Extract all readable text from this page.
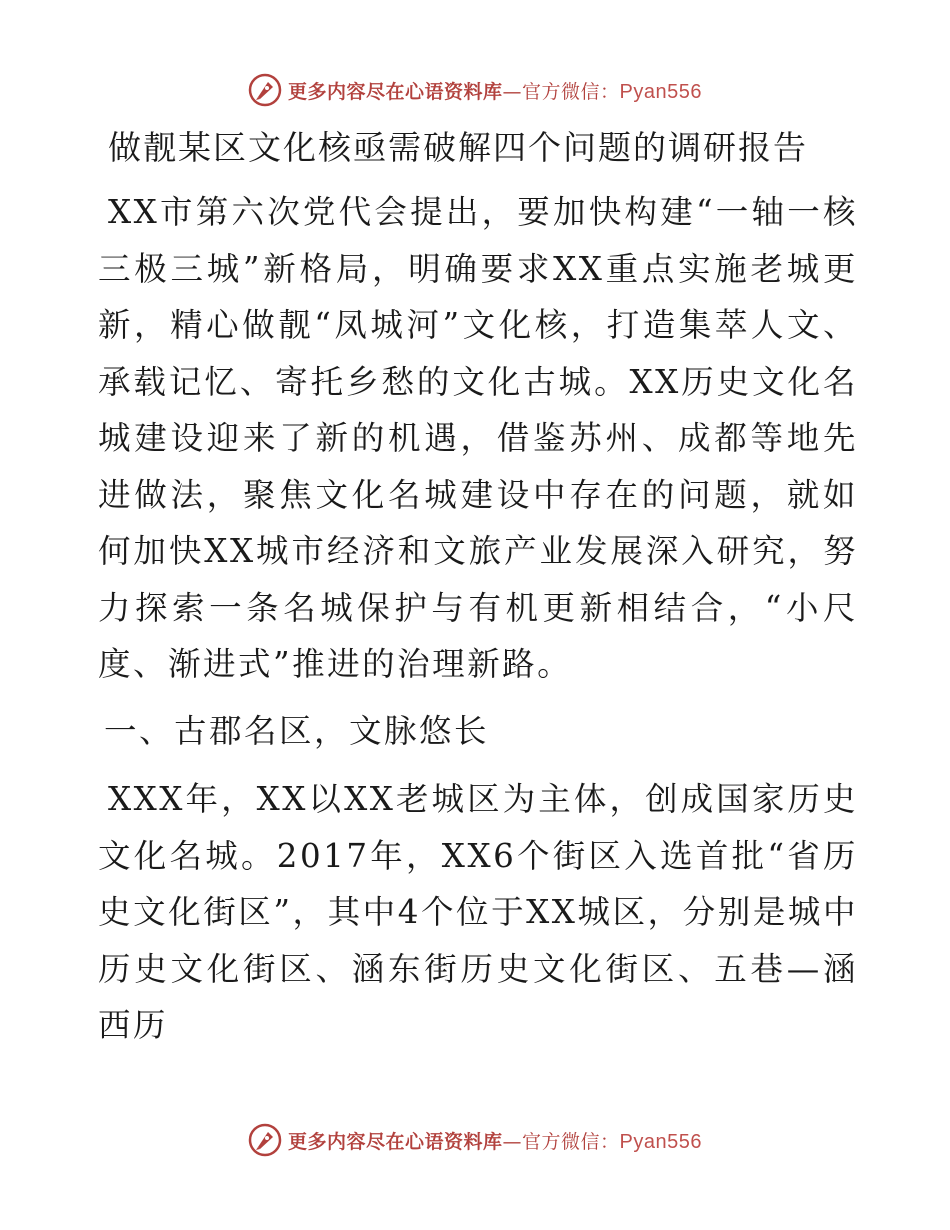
更多内容尽在心语资料库—官方微信：Pyan556
做靓某区文化核亟需破解四个问题的调研报告

XX市第六次党代会提出，要加快构建“一轴一核三极三城”新格局，明确要求XX重点实施老城更新，精心做靓“凤城河”文化核，打造集萃人文、承载记忆、寄托乡愁的文化古城。XX历史文化名城建设迎来了新的机遇，借鉴苏州、成都等地先进做法，聚焦文化名城建设中存在的问题，就如何加快XX城市经济和文旅产业发展深入研究，努力探索一条名城保护与有机更新相结合，“小尺度、渐进式”推进的治理新路。

一、古郡名区，文脉悠长

XXX年，XX以XX老城区为主体，创成国家历史文化名城。2017年，XX6个街区入选首批“省历史文化街区”，其中4个位于XX城区，分别是城中历史文化街区、涵东街历史文化街区、五巷—涵西历

更多内容尽在心语资料库—官方微信：Pyan556
